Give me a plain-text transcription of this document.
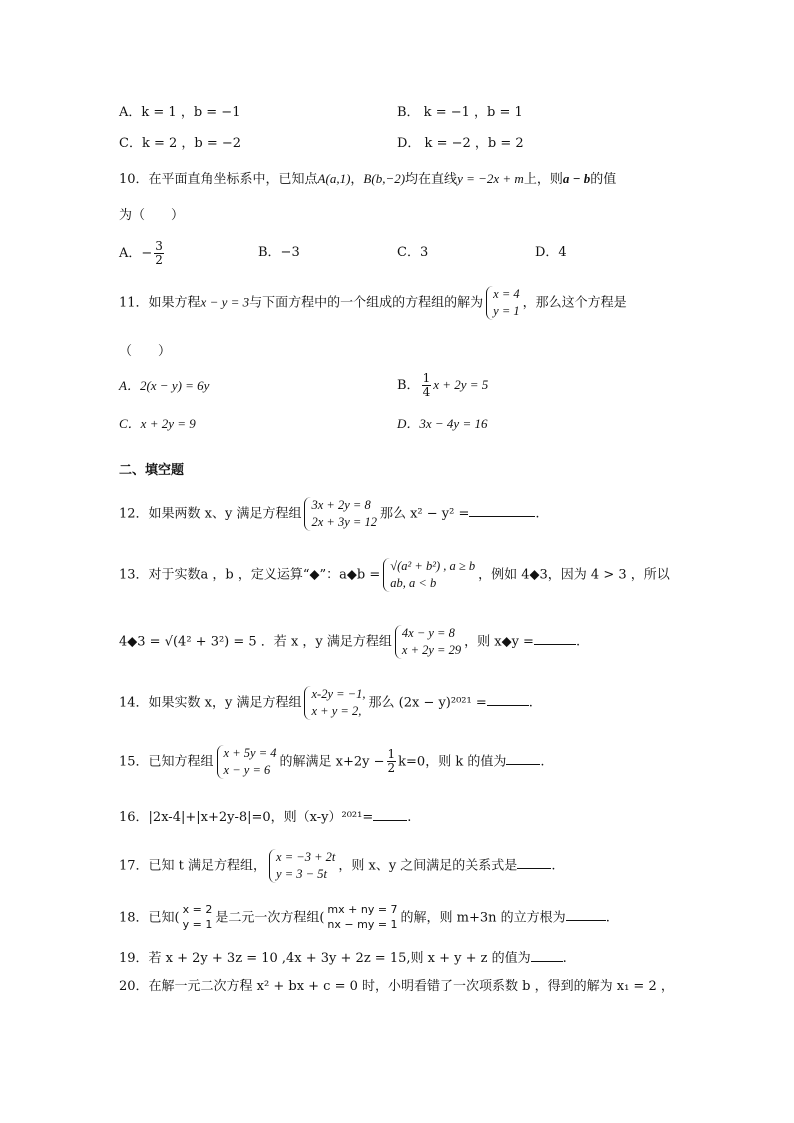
A．k = 1 ，b = −1	B． k = −1 ，b = 1
C．k = 2 ，b = −2	D． k = −2 ，b = 2
10．在平面直角坐标系中，已知点A(a,1)，B(b,−2)均在直线y = −2x + m上，则a − b的值
为（　　）
A．− $\frac{3}{2}$	B．−3	C．3	D．4
11．如果方程x − y = 3与下面方程中的一个组成的方程组的解为
x = 4
y = 1
，那么这个方程是
（　　）
A．2(x − y) = 6y	B． $\frac{1}{4}$ x + 2y = 5
C．x + 2y = 9	D．3x − 4y = 16
二、填空题
12．如果两数 x、y 满足方程组
3x + 2y = 8
2x + 3y = 12
那么 x² − y² =	.
13．对于实数a ，b ，定义运算“◆”：a◆b =
√(a² + b²) , a ≥ b
ab, a < b
，例如 4◆3，因为 4 > 3 ，所以
4◆3 = √(4² + 3²) = 5 ．若 x ，y 满足方程组
4x − y = 8
x + 2y = 29
，则 x◆y =	.
14．如果实数 x，y 满足方程组
x-2y = −1,
x + y = 2,
那么 (2x − y)²⁰²¹ =	.
15．已知方程组
x + 5y = 4
x − y = 6
的解满足 $x+2y - \frac{1}{2} k=0$，则 k 的值为	.
16．|2x-4|+|x+2y-8|=0，则（x-y）²⁰²¹=	.
17．已知 t 满足方程组，
x = −3 + 2t
y = 3 − 5t
，则 x、y 之间满足的关系式是	.
18．已知(
x = 2
y = 1 是二元一次方程组(
mx + ny = 7
nx − my = 1 的解，则 m+3n 的立方根为	.
19．若 x + 2y + 3z = 10 ,4x + 3y + 2z = 15,则 x + y + z 的值为 .
20．在解一元二次方程 x² + bx + c = 0 时，小明看错了一次项系数 b ，得到的解为 x₁ = 2 ，
